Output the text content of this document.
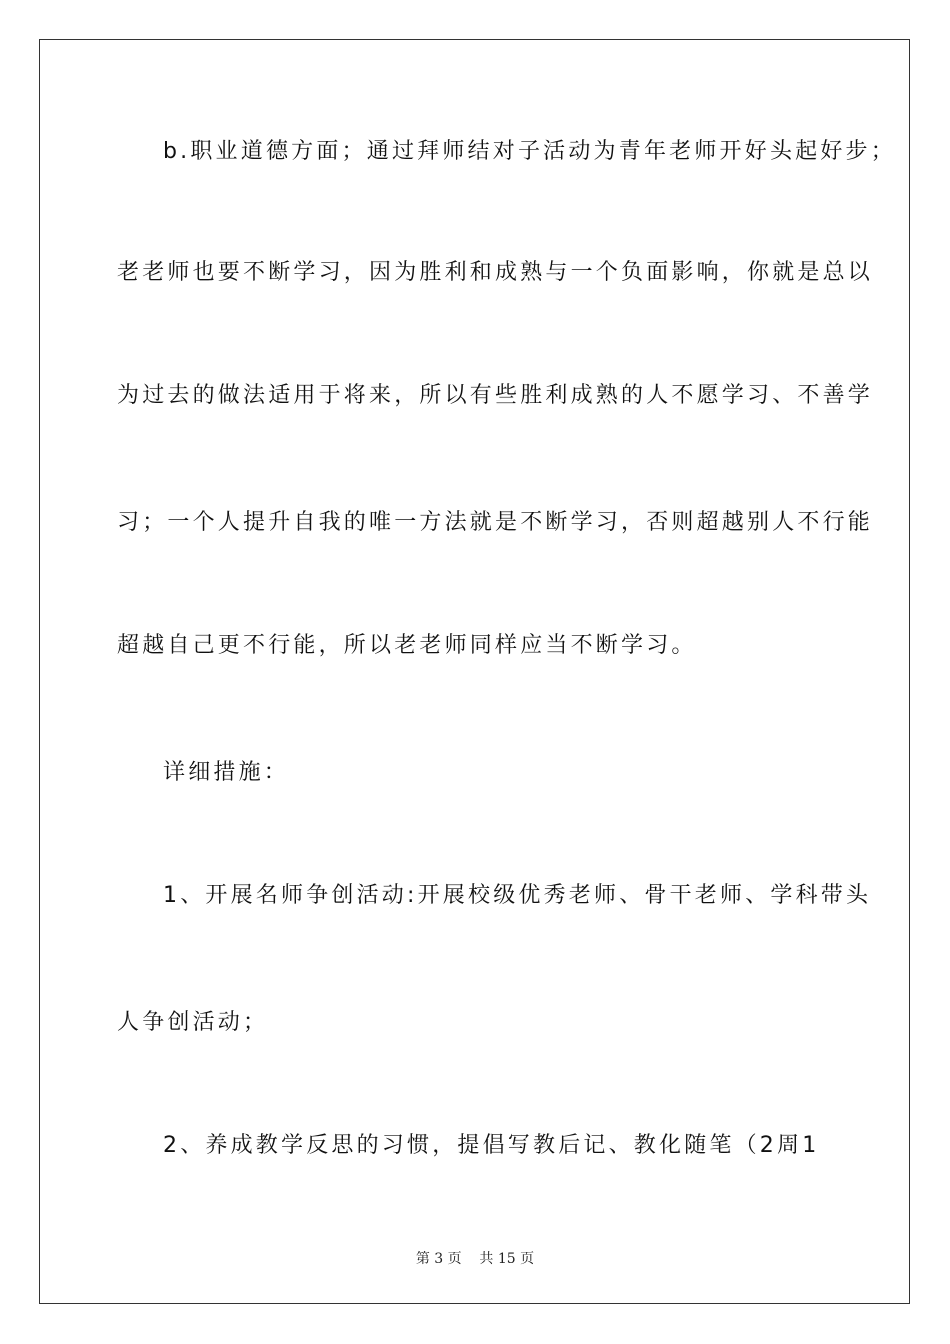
b.职业道德方面；通过拜师结对子活动为青年老师开好头起好步；
老老师也要不断学习，因为胜利和成熟与一个负面影响，你就是总以
为过去的做法适用于将来，所以有些胜利成熟的人不愿学习、不善学
习；一个人提升自我的唯一方法就是不断学习，否则超越别人不行能
超越自己更不行能，所以老老师同样应当不断学习。
详细措施：
1、开展名师争创活动:开展校级优秀老师、骨干老师、学科带头
人争创活动；
2、养成教学反思的习惯，提倡写教后记、教化随笔（2周1
第 3 页    共 15 页
